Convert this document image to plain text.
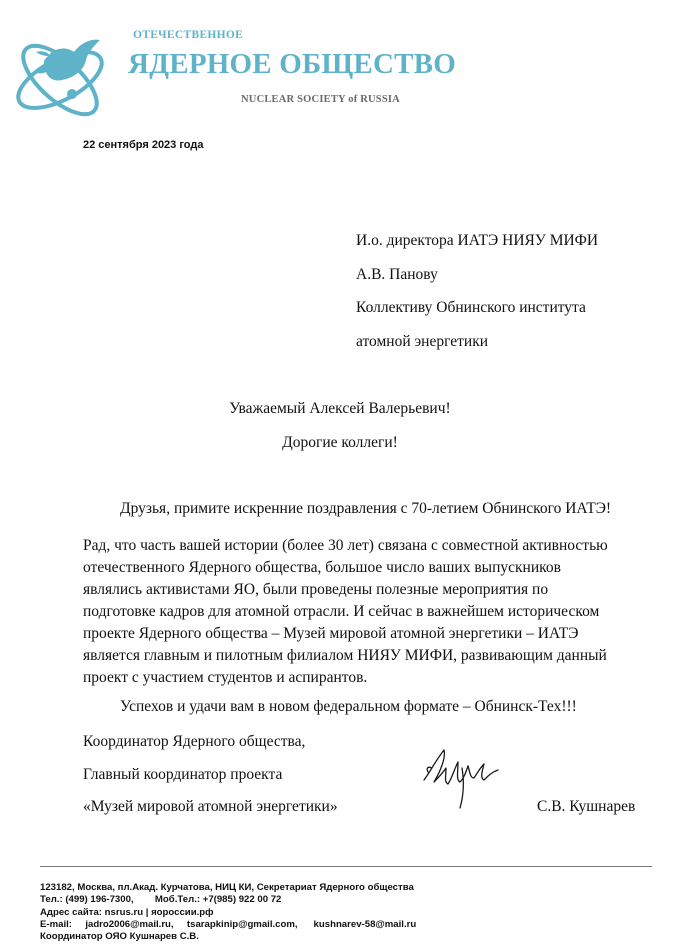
ОТЕЧЕСТВЕННОЕ
ЯДЕРНОЕ ОБЩЕСТВО
NUCLEAR SOCIETY of RUSSIA
22 сентября 2023 года
И.о. директора ИАТЭ НИЯУ МИФИ
А.В. Панову
Коллективу Обнинского института
атомной энергетики
Уважаемый Алексей Валерьевич!
Дорогие коллеги!
Друзья, примите искренние поздравления с 70-летием Обнинского ИАТЭ!
Рад, что часть вашей истории (более 30 лет) связана с совместной активностью
отечественного Ядерного общества, большое число ваших выпускников
являлись активистами ЯО, были проведены полезные мероприятия по
подготовке кадров для атомной отрасли. И сейчас в важнейшем историческом
проекте Ядерного общества – Музей мировой атомной энергетики – ИАТЭ
является главным и пилотным филиалом НИЯУ МИФИ, развивающим данный
проект с участием студентов и аспирантов.
Успехов и удачи вам в новом федеральном формате – Обнинск-Тех!!!
Координатор Ядерного общества,
Главный координатор проекта
«Музей мировой атомной энергетики»	С.В. Кушнарев
123182, Москва, пл.Акад. Курчатова, НИЦ КИ, Секретариат Ядерного общества
Тел.: (499) 196-7300,        Моб.Тел.: +7(985) 922 00 72
Адрес сайта: nsrus.ru | яороссии.рф
E-mail:     jadro2006@mail.ru,     tsarapkinip@gmail.com,      kushnarev-58@mail.ru
Координатор ОЯО Кушнарев С.В.
